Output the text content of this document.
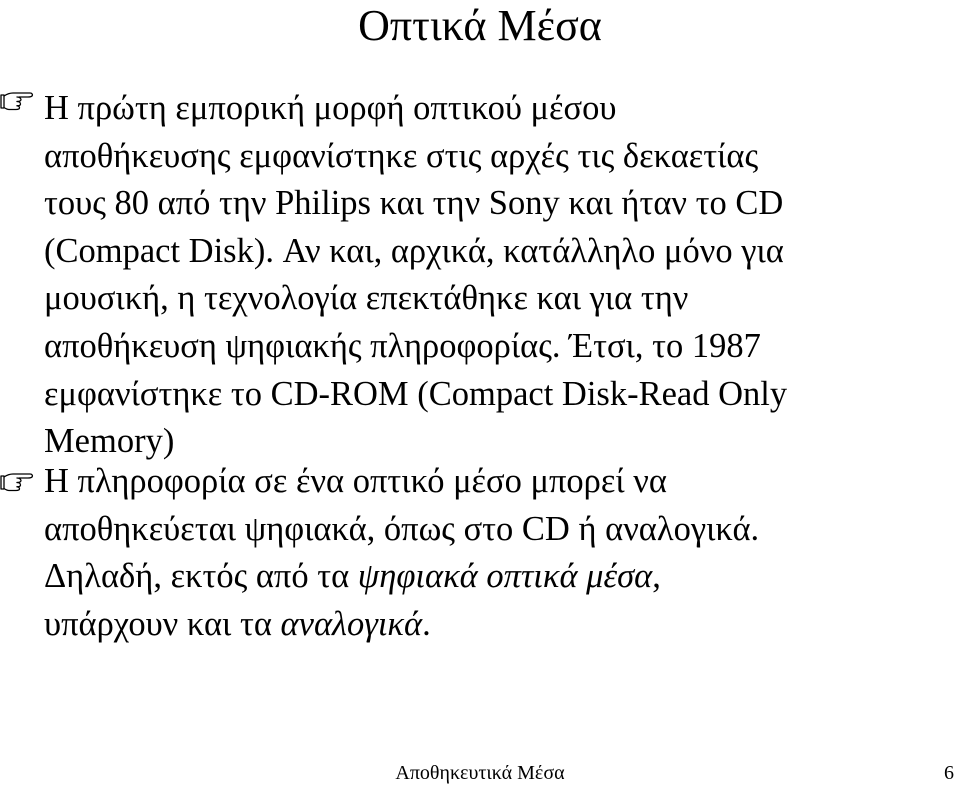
Οπτικά Μέσα
Η πρώτη εμπορική μορφή οπτικού μέσου
αποθήκευσης εμφανίστηκε στις αρχές τις δεκαετίας
τους 80 από την Philips και την Sony και ήταν το CD
(Compact Disk). Αν και, αρχικά, κατάλληλο μόνο για
μουσική, η τεχνολογία επεκτάθηκε και για την
αποθήκευση ψηφιακής πληροφορίας. Έτσι, το 1987
εμφανίστηκε το CD-ROM (Compact Disk-Read Only
Memory)
Η πληροφορία σε ένα οπτικό μέσο μπορεί να
αποθηκεύεται ψηφιακά, όπως στο CD ή αναλογικά.
Δηλαδή, εκτός από τα ψηφιακά οπτικά μέσα,
υπάρχουν και τα αναλογικά.
Αποθηκευτικά Μέσα	6
